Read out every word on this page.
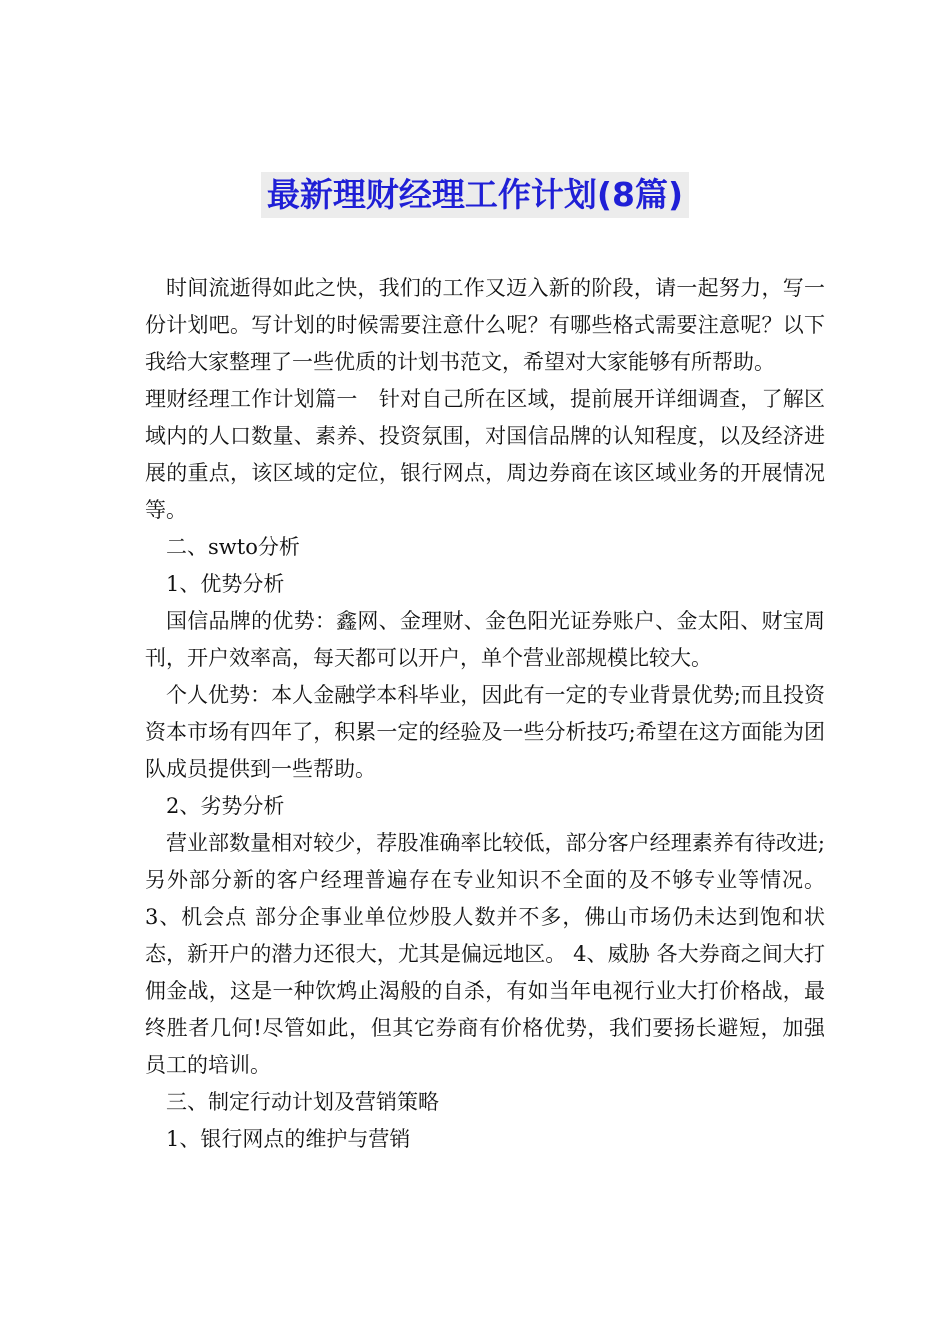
最新理财经理工作计划(8篇)

时间流逝得如此之快，我们的工作又迈入新的阶段，请一起努力，写一份计划吧。写计划的时候需要注意什么呢？有哪些格式需要注意呢？以下我给大家整理了一些优质的计划书范文，希望对大家能够有所帮助。

理财经理工作计划篇一　针对自己所在区域，提前展开详细调查，了解区域内的人口数量、素养、投资氛围，对国信品牌的认知程度，以及经济进展的重点，该区域的定位，银行网点，周边券商在该区域业务的开展情况等。

二、swto分析

1、优势分析

国信品牌的优势：鑫网、金理财、金色阳光证券账户、金太阳、财宝周刊，开户效率高，每天都可以开户，单个营业部规模比较大。

个人优势：本人金融学本科毕业，因此有一定的专业背景优势;而且投资资本市场有四年了，积累一定的经验及一些分析技巧;希望在这方面能为团队成员提供到一些帮助。

2、劣势分析

营业部数量相对较少，荐股准确率比较低，部分客户经理素养有待改进;另外部分新的客户经理普遍存在专业知识不全面的及不够专业等情况。 3、机会点 部分企事业单位炒股人数并不多，佛山市场仍未达到饱和状态，新开户的潜力还很大，尤其是偏远地区。 4、威胁 各大券商之间大打佣金战，这是一种饮鸩止渴般的自杀，有如当年电视行业大打价格战，最终胜者几何!尽管如此，但其它券商有价格优势，我们要扬长避短，加强员工的培训。

三、制定行动计划及营销策略

1、银行网点的维护与营销
